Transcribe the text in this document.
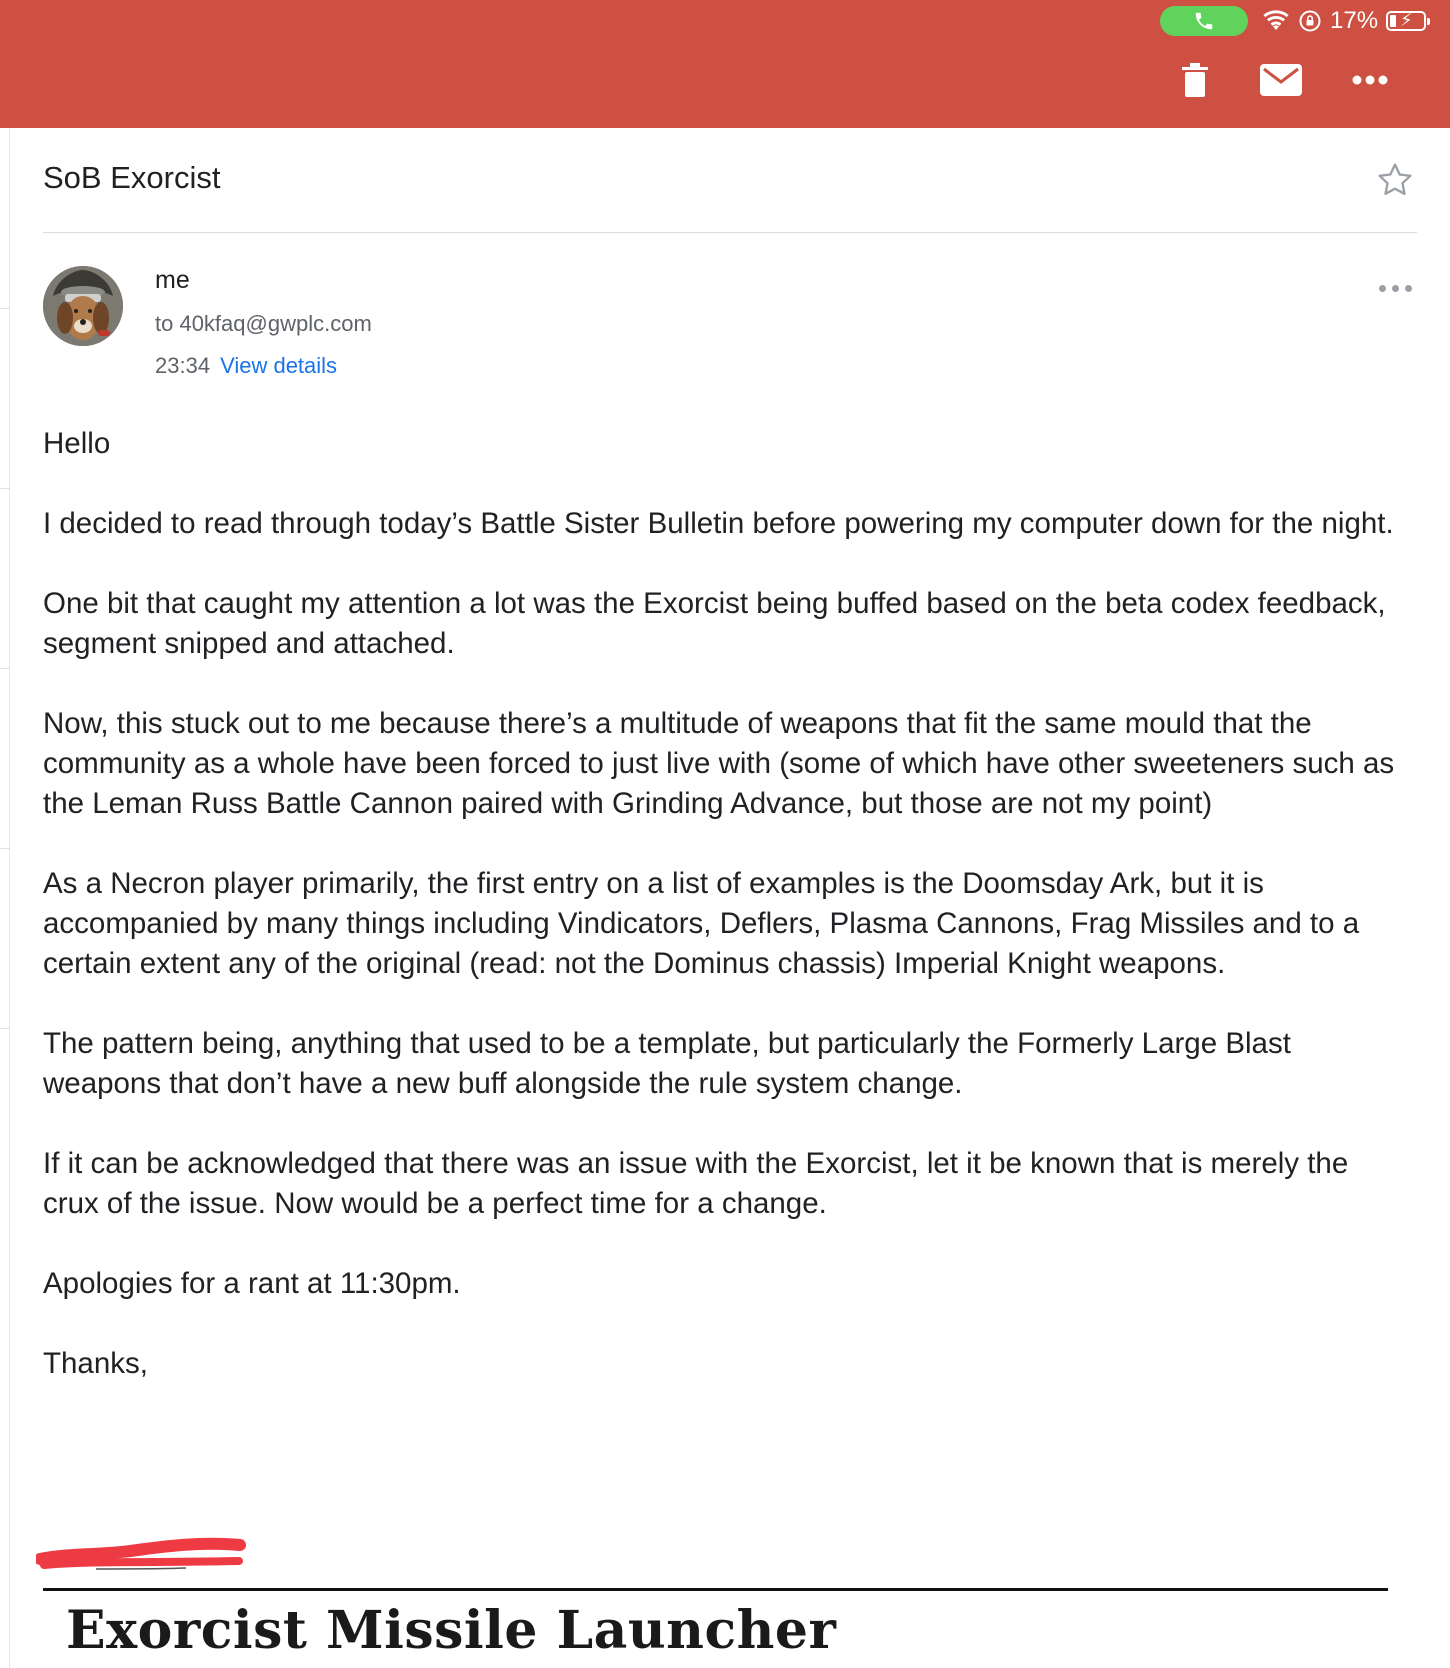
17% ⚡
SoB Exorcist
me
to 40kfaq@gwplc.com
23:34 View details

Hello

I decided to read through today’s Battle Sister Bulletin before powering my computer down for the night.

One bit that caught my attention a lot was the Exorcist being buffed based on the beta codex feedback, segment snipped and attached.

Now, this stuck out to me because there’s a multitude of weapons that fit the same mould that the community as a whole have been forced to just live with (some of which have other sweeteners such as the Leman Russ Battle Cannon paired with Grinding Advance, but those are not my point)

As a Necron player primarily, the first entry on a list of examples is the Doomsday Ark, but it is accompanied by many things including Vindicators, Deflers, Plasma Cannons, Frag Missiles and to a certain extent any of the original (read: not the Dominus chassis) Imperial Knight weapons.

The pattern being, anything that used to be a template, but particularly the Formerly Large Blast weapons that don’t have a new buff alongside the rule system change.

If it can be acknowledged that there was an issue with the Exorcist, let it be known that is merely the crux of the issue. Now would be a perfect time for a change.

Apologies for a rant at 11:30pm.

Thanks,

Exorcist Missile Launcher
